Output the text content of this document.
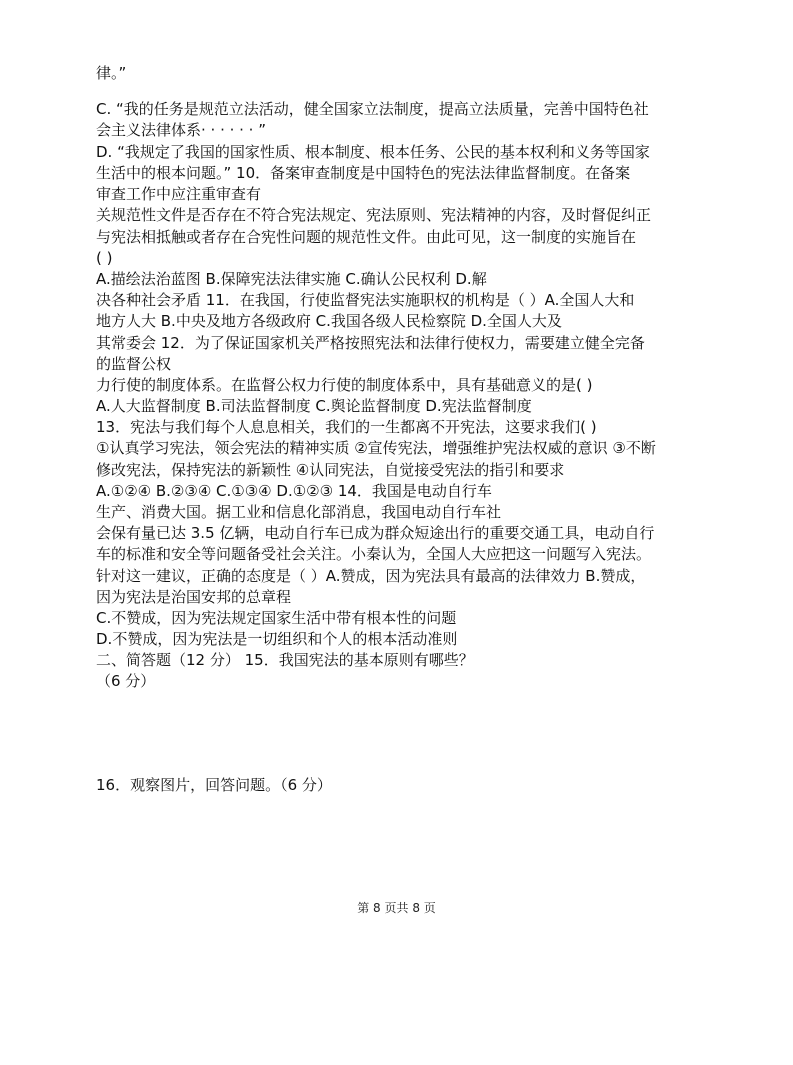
律。”
C. “我的任务是规范立法活动，健全国家立法制度，提高立法质量，完善中国特色社
会主义法律体系· · · · · · ”
D. “我规定了我国的国家性质、根本制度、根本任务、公民的基本权利和义务等国家
生活中的根本问题。” 10．备案审查制度是中国特色的宪法法律监督制度。在备案
审查工作中应注重审查有
关规范性文件是否存在不符合宪法规定、宪法原则、宪法精神的内容，及时督促纠正
与宪法相抵触或者存在合宪性问题的规范性文件。由此可见，这一制度的实施旨在
( )
A.描绘法治蓝图 B.保障宪法法律实施 C.确认公民权利 D.解
决各种社会矛盾 11．在我国，行使监督宪法实施职权的机构是（ ）A.全国人大和
地方人大 B.中央及地方各级政府 C.我国各级人民检察院 D.全国人大及
其常委会 12．为了保证国家机关严格按照宪法和法律行使权力，需要建立健全完备
的监督公权
力行使的制度体系。在监督公权力行使的制度体系中，具有基础意义的是( )
A.人大监督制度 B.司法监督制度 C.舆论监督制度 D.宪法监督制度
13．宪法与我们每个人息息相关，我们的一生都离不开宪法，这要求我们( )
①认真学习宪法，领会宪法的精神实质 ②宣传宪法，增强维护宪法权威的意识 ③不断
修改宪法，保持宪法的新颖性 ④认同宪法，自觉接受宪法的指引和要求
A.①②④ B.②③④ C.①③④ D.①②③ 14．我国是电动自行车
生产、消费大国。据工业和信息化部消息，我国电动自行车社
会保有量已达 3.5 亿辆，电动自行车已成为群众短途出行的重要交通工具，电动自行
车的标准和安全等问题备受社会关注。小秦认为，全国人大应把这一问题写入宪法。
针对这一建议，正确的态度是（ ）A.赞成，因为宪法具有最高的法律效力 B.赞成，
因为宪法是治国安邦的总章程
C.不赞成，因为宪法规定国家生活中带有根本性的问题
D.不赞成，因为宪法是一切组织和个人的根本活动准则
二、简答题（12 分） 15．我国宪法的基本原则有哪些？
（6 分）
16．观察图片，回答问题。（6 分）
第 8 页共 8 页
